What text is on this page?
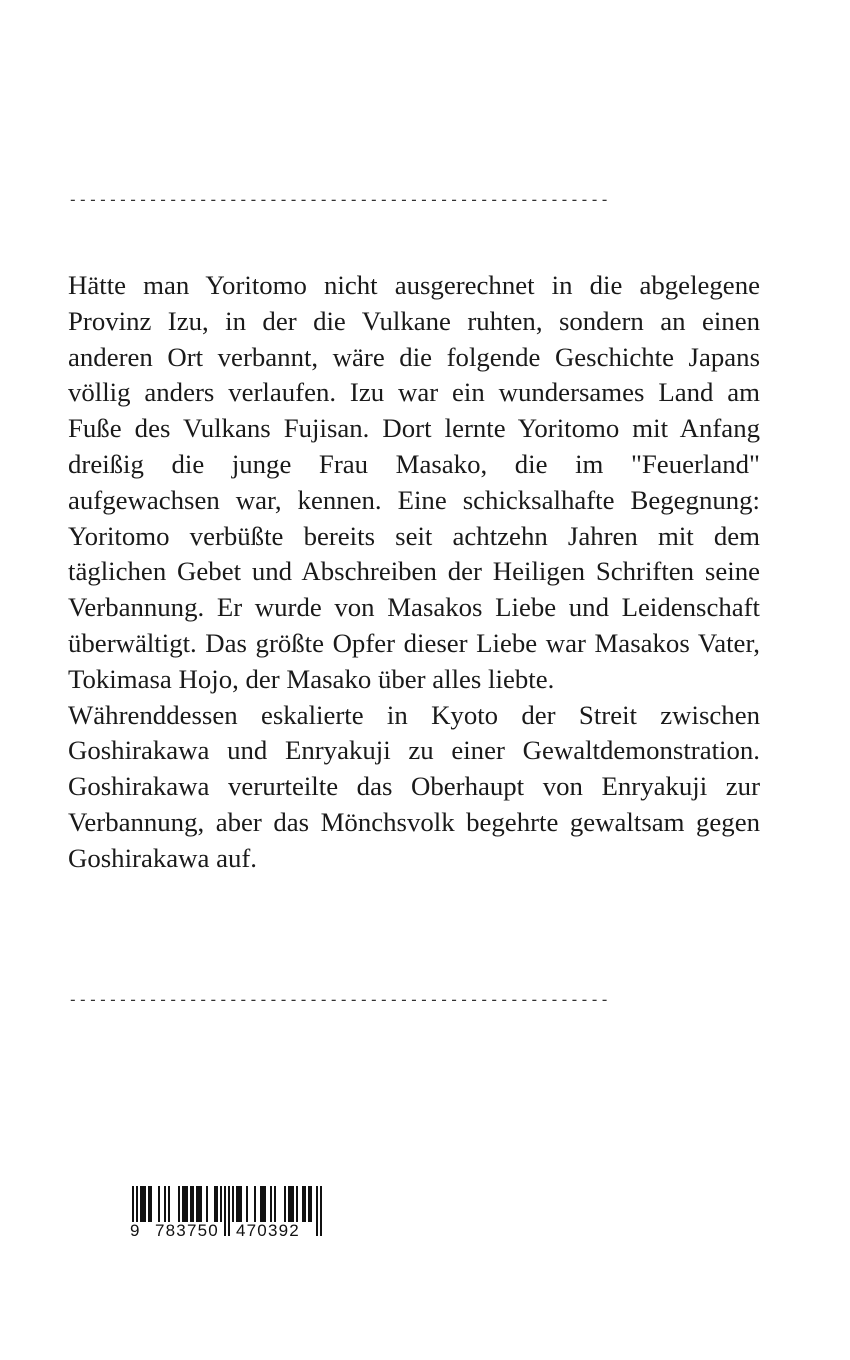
------------------------------------------------------

Hätte man Yoritomo nicht ausgerechnet in die abgelegene Provinz Izu, in der die Vulkane ruhten, sondern an einen anderen Ort verbannt, wäre die folgende Geschichte Japans völlig anders verlaufen. Izu war ein wundersames Land am Fuße des Vulkans Fujisan. Dort lernte Yoritomo mit Anfang dreißig die junge Frau Masako, die im "Feuerland" aufgewachsen war, kennen. Eine schicksalhafte Begegnung: Yoritomo verbüßte bereits seit achtzehn Jahren mit dem täglichen Gebet und Abschreiben der Heiligen Schriften seine Verbannung. Er wurde von Masakos Liebe und Leidenschaft überwältigt. Das größte Opfer dieser Liebe war Masakos Vater, Tokimasa Hojo, der Masako über alles liebte.

Währenddessen eskalierte in Kyoto der Streit zwischen Goshirakawa und Enryakuji zu einer Gewaltdemonstration. Goshirakawa verurteilte das Oberhaupt von Enryakuji zur Verbannung, aber das Mönchsvolk begehrte gewaltsam gegen Goshirakawa auf.

------------------------------------------------------
9 783750 470392
